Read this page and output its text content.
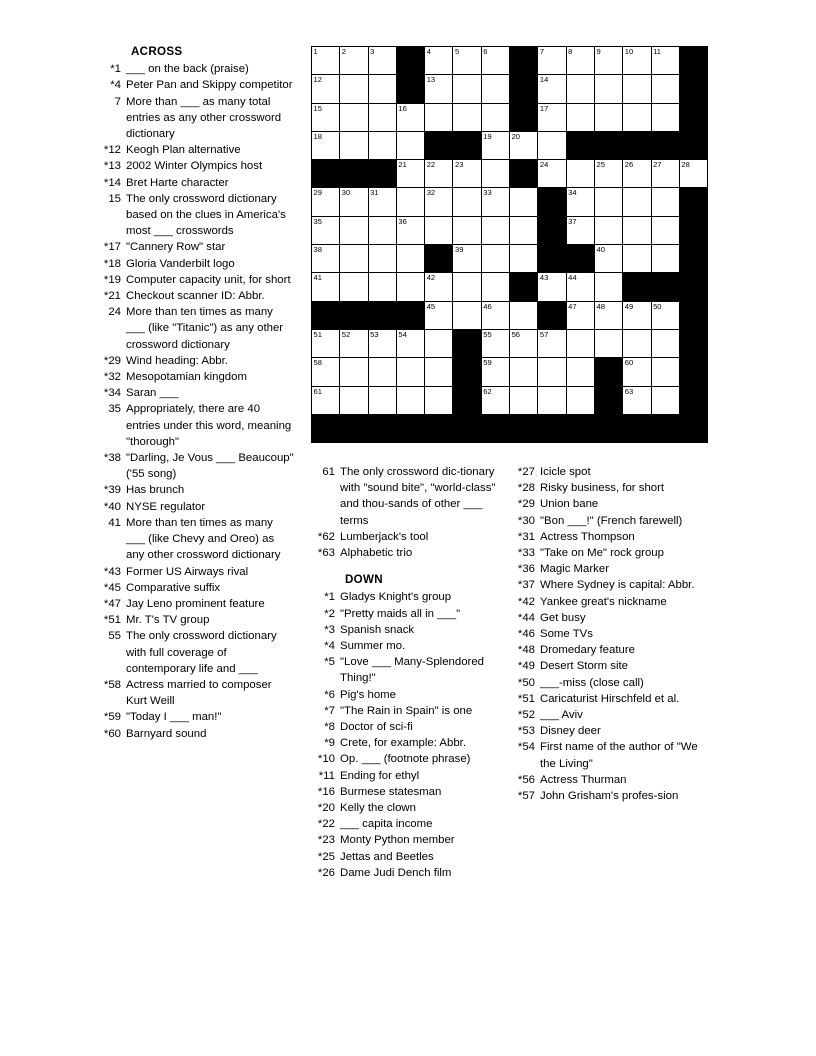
ACROSS
*1 ___ on the back (praise)
*4 Peter Pan and Skippy competitor
7 More than ___ as many total entries as any other crossword dictionary
*12 Keogh Plan alternative
*13 2002 Winter Olympics host
*14 Bret Harte character
15 The only crossword dictionary based on the clues in America's most ___ crosswords
*17 "Cannery Row" star
*18 Gloria Vanderbilt logo
*19 Computer capacity unit, for short
*21 Checkout scanner ID: Abbr.
24 More than ten times as many ___ (like "Titanic") as any other crossword dictionary
*29 Wind heading: Abbr.
*32 Mesopotamian kingdom
*34 Saran ___
35 Appropriately, there are 40 entries under this word, meaning "thorough"
*38 "Darling, Je Vous ___ Beaucoup" ('55 song)
*39 Has brunch
*40 NYSE regulator
41 More than ten times as many ___ (like Chevy and Oreo) as any other crossword dictionary
*43 Former US Airways rival
*45 Comparative suffix
*47 Jay Leno prominent feature
*51 Mr. T's TV group
55 The only crossword dictionary with full coverage of contemporary life and ___
*58 Actress married to composer Kurt Weill
*59 "Today I ___ man!"
*60 Barnyard sound
61 The only crossword dic-tionary with "sound bite", "world-class" and thou-sands of other ___ terms
*62 Lumberjack's tool
*63 Alphabetic trio
DOWN
*1 Gladys Knight's group
*2 "Pretty maids all in ___"
*3 Spanish snack
*4 Summer mo.
*5 "Love ___ Many-Splendored Thing!"
*6 Pig's home
*7 "The Rain in Spain" is one
*8 Doctor of sci-fi
*9 Crete, for example: Abbr.
*10 Op. ___ (footnote phrase)
*11 Ending for ethyl
*16 Burmese statesman
*20 Kelly the clown
*22 ___ capita income
*23 Monty Python member
*25 Jettas and Beetles
*26 Dame Judi Dench film
*27 Icicle spot
*28 Risky business, for short
*29 Union bane
*30 "Bon ___!" (French farewell)
*31 Actress Thompson
*33 "Take on Me" rock group
*36 Magic Marker
*37 Where Sydney is capital: Abbr.
*42 Yankee great's nickname
*44 Get busy
*46 Some TVs
*48 Dromedary feature
*49 Desert Storm site
*50 ___-miss (close call)
*51 Caricaturist Hirschfeld et al.
*52 ___ Aviv
*53 Disney deer
*54 First name of the author of "We the Living"
*56 Actress Thurman
*57 John Grisham's profes-sion
1	2	3		4	5	6		7	8	9	10	11	

12				13				14					

15			16					17					

18						19	20						

			21	22	23			24		25	26	27	28

29	30	31		32		33			34				

35			36						37				

38					39					40			

41				42				43	44				

				45		46			47	48	49	50	

51	52	53	54			55	56	57					

58						59					60		

61						62					63		
